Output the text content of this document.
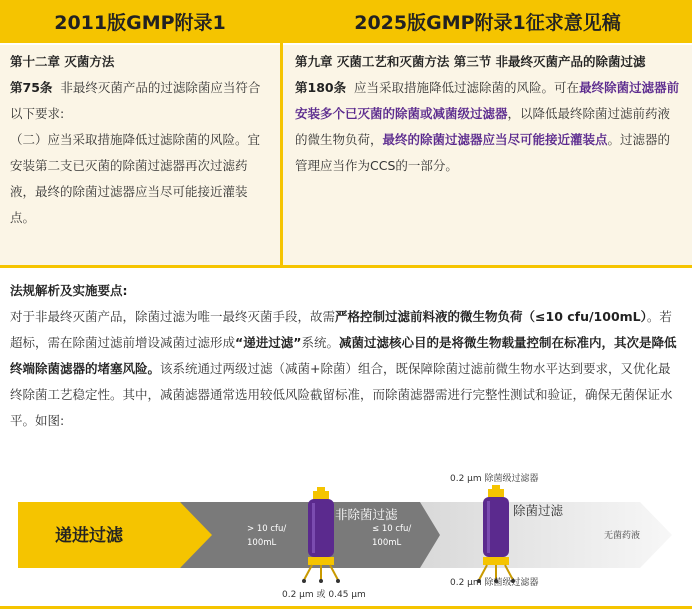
2011版GMP附录1	2025版GMP附录1征求意见稿
第十二章 灭菌方法
第75条 非最终灭菌产品的过滤除菌应当符合以下要求:
（二）应当采取措施降低过滤除菌的风险。宜安装第二支已灭菌的除菌过滤器再次过滤药液，最终的除菌过滤器应当尽可能接近灌装点。
第九章 灭菌工艺和灭菌方法 第三节 非最终灭菌产品的除菌过滤
第180条 应当采取措施降低过滤除菌的风险。可在最终除菌过滤器前安装多个已灭菌的除菌或减菌级过滤器，以降低最终除菌过滤前药液的微生物负荷，最终的除菌过滤器应当尽可能接近灌装点。过滤器的管理应当作为CCS的一部分。
法规解析及实施要点:
对于非最终灭菌产品，除菌过滤为唯一最终灭菌手段，故需严格控制过滤前料液的微生物负荷（≤10 cfu/100mL）。若超标，需在除菌过滤前增设减菌过滤形成“递进过滤”系统。减菌过滤核心目的是将微生物载量控制在标准内，其次是降低终端除菌滤器的堵塞风险。该系统通过两级过滤（减菌+除菌）组合，既保障除菌过滤前微生物水平达到要求，又优化最终除菌工艺稳定性。其中，减菌滤器通常选用较低风险截留标准，而除菌滤器需进行完整性测试和验证，确保无菌保证水平。如图:
递进过滤
非除菌过滤	除菌过滤
> 10 cfu/
100mL
≤ 10 cfu/
100mL
无菌药液
0.2 μm 或 0.45 μm
0.2 μm 除菌级过滤器
0.2 μm 除菌级过滤器
